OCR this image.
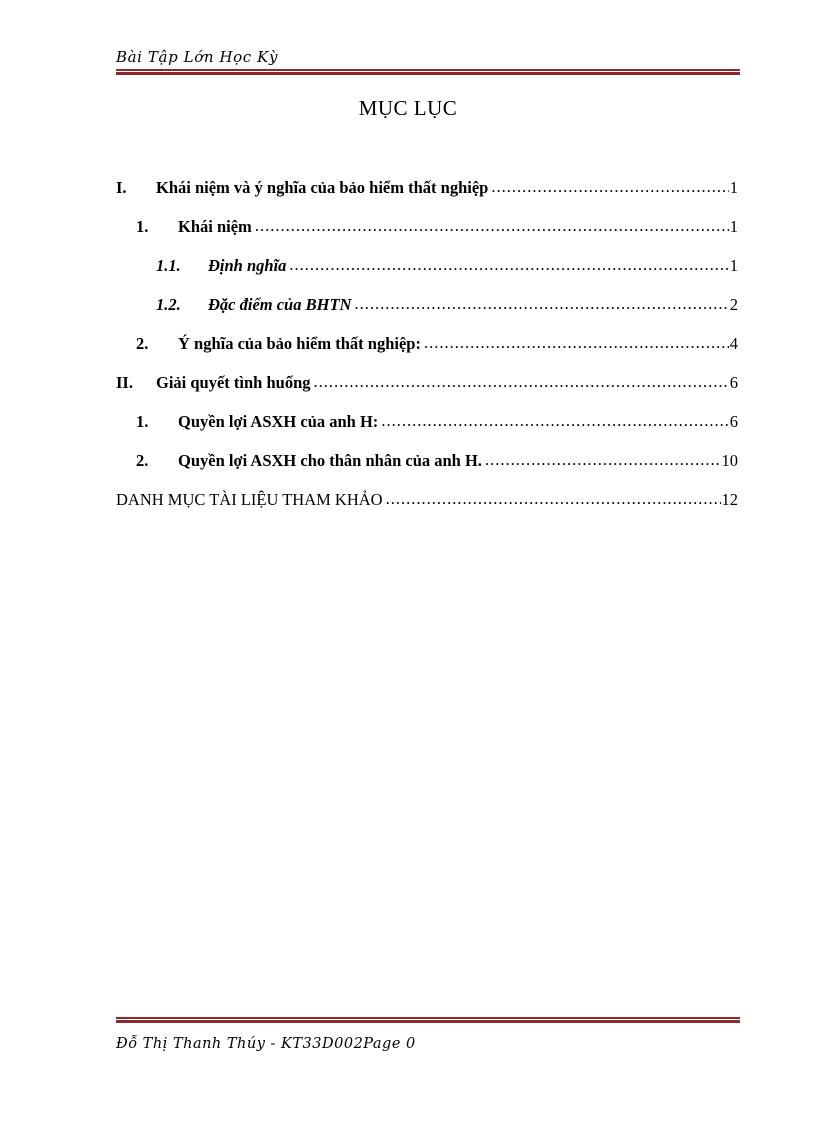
Bài Tập Lớn Học Kỳ
MỤC LỤC
I.	Khái niệm và ý nghĩa của bảo hiểm thất nghiệp .....	1
1.	Khái niệm .....	1
1.1.	Định nghĩa .....	1
1.2.	Đặc điểm của BHTN .....	2
2.	Ý nghĩa của bảo hiểm thất nghiệp: .....	4
II.	Giải quyết tình huống .....	6
1.	Quyền lợi ASXH của anh H: .....	6
2.	Quyền lợi ASXH cho thân nhân của anh H. .....	10
DANH MỤC TÀI LIỆU THAM KHẢO .....	12
Đỗ Thị Thanh Thúy - KT33D002Page 0
